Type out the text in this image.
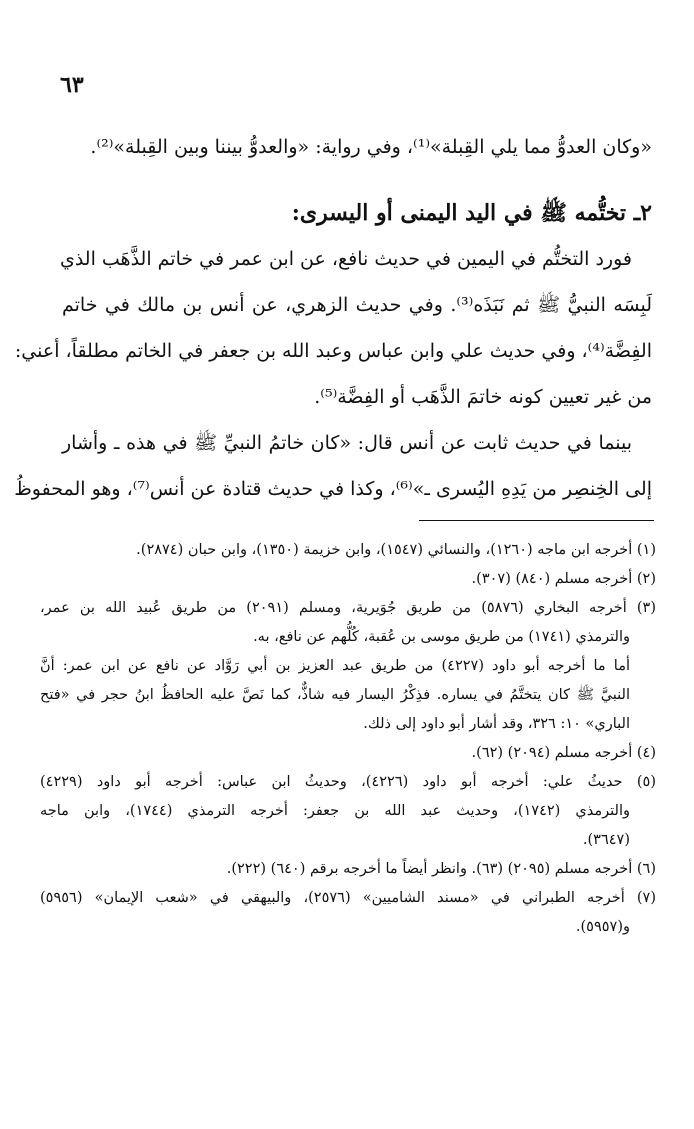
٦٣
«وكان العدوُّ مما يلي القِبلة»⁽¹⁾، وفي رواية: «والعدوُّ بيننا وبين القِبلة»⁽²⁾.
٢ـ تختُّمه ﷺ في اليد اليمنى أو اليسرى:
فورد التختُّم في اليمين في حديث نافع، عن ابن عمر في خاتم الذَّهَب الذي
لَبِسَه النبيُّ ﷺ ثم نَبَذَه⁽³⁾. وفي حديث الزهري، عن أنس بن مالك في خاتم
الفِضَّة⁽⁴⁾، وفي حديث علي وابن عباس وعبد الله بن جعفر في الخاتم مطلقاً، أعني:
من غير تعيين كونه خاتمَ الذَّهَب أو الفِضَّة⁽⁵⁾.
بينما في حديث ثابت عن أنس قال: «كان خاتمُ النبيِّ ﷺ في هذه ـ وأشار
إلى الخِنصِر من يَدِهِ اليُسرى ـ»⁽⁶⁾، وكذا في حديث قتادة عن أنس⁽⁷⁾، وهو المحفوظُ
(١) أخرجه ابن ماجه (١٢٦٠)، والنسائي (١٥٤٧)، وابن خزيمة (١٣٥٠)، وابن حبان (٢٨٧٤).
(٢) أخرجه مسلم (٨٤٠) (٣٠٧).
(٣) أخرجه البخاري (٥٨٧٦) من طريق جُوَيرية، ومسلم (٢٠٩١) من طريق عُبيد الله بن عمر،
والترمذي (١٧٤١) من طريق موسى بن عُقبة، كُلُّهم عن نافع، به.
أما ما أخرجه أبو داود (٤٢٢٧) من طريق عبد العزيز بن أبي رَوَّاد عن نافع عن ابن عمر: أنَّ
النبيَّ ﷺ كان يتختَّمُ في يساره. فذِكْرُ اليسار فيه شاذٌّ، كما نَصَّ عليه الحافظُ ابنُ حجر في «فتح
الباري» ١٠: ٣٢٦، وقد أشار أبو داود إلى ذلك.
(٤) أخرجه مسلم (٢٠٩٤) (٦٢).
(٥) حديثُ علي: أخرجه أبو داود (٤٢٢٦)، وحديثُ ابن عباس: أخرجه أبو داود (٤٢٢٩)
والترمذي (١٧٤٢)، وحديث عبد الله بن جعفر: أخرجه الترمذي (١٧٤٤)، وابن ماجه
(٣٦٤٧).
(٦) أخرجه مسلم (٢٠٩٥) (٦٣). وانظر أيضاً ما أخرجه برقم (٦٤٠) (٢٢٢).
(٧) أخرجه الطبراني في «مسند الشاميين» (٢٥٧٦)، والبيهقي في «شعب الإيمان» (٥٩٥٦)
و(٥٩٥٧).
